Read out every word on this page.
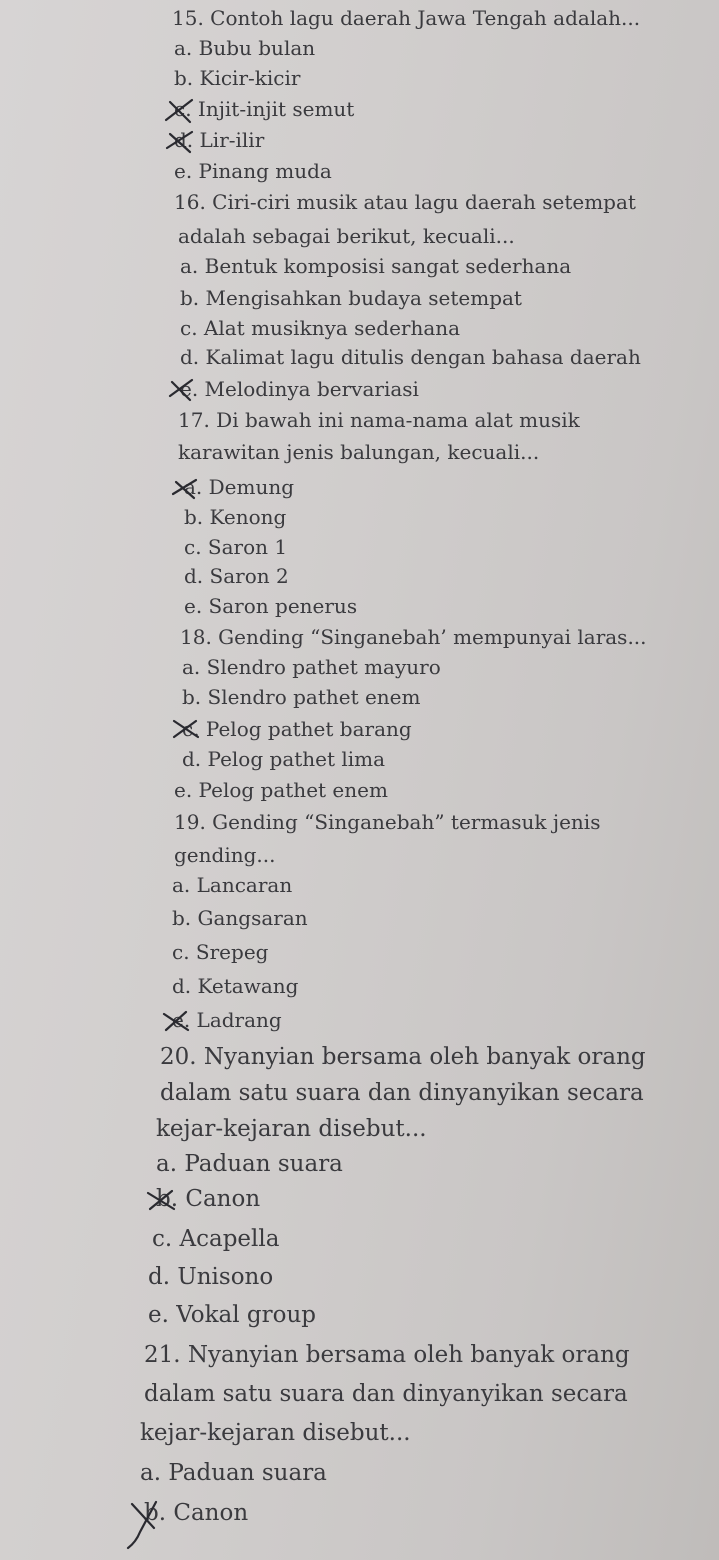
15. Contoh lagu daerah Jawa Tengah adalah...
a. Bubu bulan
b. Kicir-kicir
c. Injit-injit semut
d. Lir-ilir
e. Pinang muda
16. Ciri-ciri musik atau lagu daerah setempat
adalah sebagai berikut, kecuali...
a. Bentuk komposisi sangat sederhana
b. Mengisahkan budaya setempat
c. Alat musiknya sederhana
d. Kalimat lagu ditulis dengan bahasa daerah
e. Melodinya bervariasi
17. Di bawah ini nama-nama alat musik
karawitan jenis balungan, kecuali...
a. Demung
b. Kenong
c. Saron 1
d. Saron 2
e. Saron penerus
18. Gending “Singanebah’ mempunyai laras...
a. Slendro pathet mayuro
b. Slendro pathet enem
c. Pelog pathet barang
d. Pelog pathet lima
e. Pelog pathet enem
19. Gending “Singanebah” termasuk jenis
gending...
a. Lancaran
b. Gangsaran
c. Srepeg
d. Ketawang
e. Ladrang
20. Nyanyian bersama oleh banyak orang
dalam satu suara dan dinyanyikan secara
kejar-kejaran disebut...
a. Paduan suara
b. Canon
c. Acapella
d. Unisono
e. Vokal group
21. Nyanyian bersama oleh banyak orang
dalam satu suara dan dinyanyikan secara
kejar-kejaran disebut...
a. Paduan suara
b. Canon
